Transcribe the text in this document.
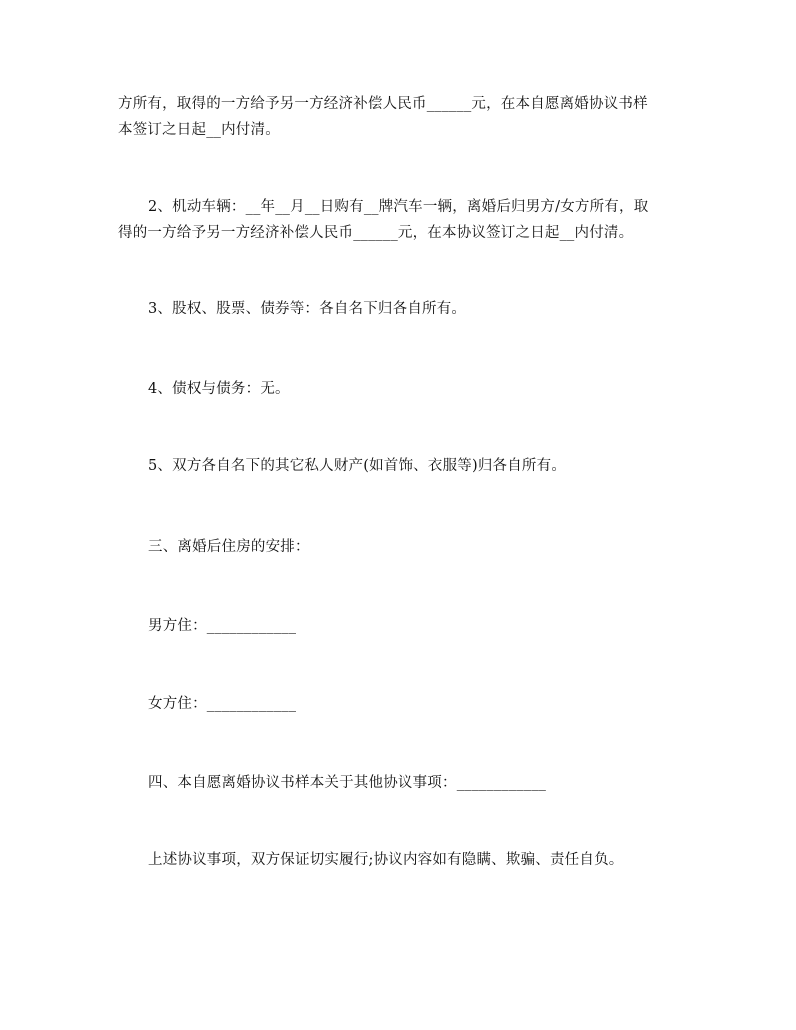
方所有，取得的一方给予另一方经济补偿人民币______元，在本自愿离婚协议书样
本签订之日起__内付清。
2、机动车辆：__年__月__日购有__牌汽车一辆，离婚后归男方/女方所有，取
得的一方给予另一方经济补偿人民币______元，在本协议签订之日起__内付清。
3、股权、股票、债券等：各自名下归各自所有。
4、债权与债务：无。
5、双方各自名下的其它私人财产(如首饰、衣服等)归各自所有。
三、离婚后住房的安排：
男方住：____________
女方住：____________
四、本自愿离婚协议书样本关于其他协议事项：____________
上述协议事项，双方保证切实履行;协议内容如有隐瞒、欺骗、责任自负。
